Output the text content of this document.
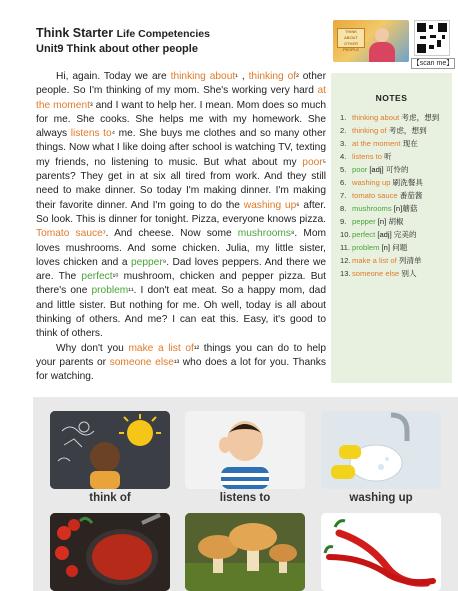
Think Starter Life Competencies
Unit9 Think about other people
THINK ABOUT OTHER PEOPLE
【scan me】

Hi, again. Today we are thinking about¹ , thinking of² other people. So I'm thinking of my mom. She's working very hard at the moment³ and I want to help her. I mean. Mom does so much for me. She cooks. She helps me with my homework. She always listens to⁴ me. She buys me clothes and so many other things. Now what I like doing after school is watching TV, texting my friends, no listening to music. But what about my poor⁵ parents? They get in at six all tired from work. And they still need to make dinner. So today I'm making dinner. I'm making their favorite dinner. And I'm going to do the washing up⁶ after. So look. This is dinner for tonight. Pizza, everyone knows pizza. Tomato sauce⁷. And cheese. Now some mushrooms⁸. Mom loves mushrooms. And some chicken. Julia, my little sister, loves chicken and a pepper⁹. Dad loves peppers. And there we are. The perfect¹⁰ mushroom, chicken and pepper pizza. But there's one problem¹¹. I don't eat meat. So a happy mom, dad and little sister. But nothing for me. Oh well, today is all about thinking of others. And me? I can eat this. Easy, it's good to think of others.

Why don't you make a list of¹² things you can do to help your parents or someone else¹³ who does a lot for you. Thanks for watching.

NOTES
1. thinking about 考虑，想到
2. thinking of 考虑，想到
3. at the moment 现在
4. listens to 听
5. poor [adj] 可怜的
6. washing up 刷洗餐具
7. tomato sauce 番茄酱
8. mushrooms [n]蘑菇
9. pepper [n] 胡椒
10. perfect [adj] 完美的
11. problem [n] 问题
12. make a list of 列清单
13. someone else 别人
think of	listens to	washing up
